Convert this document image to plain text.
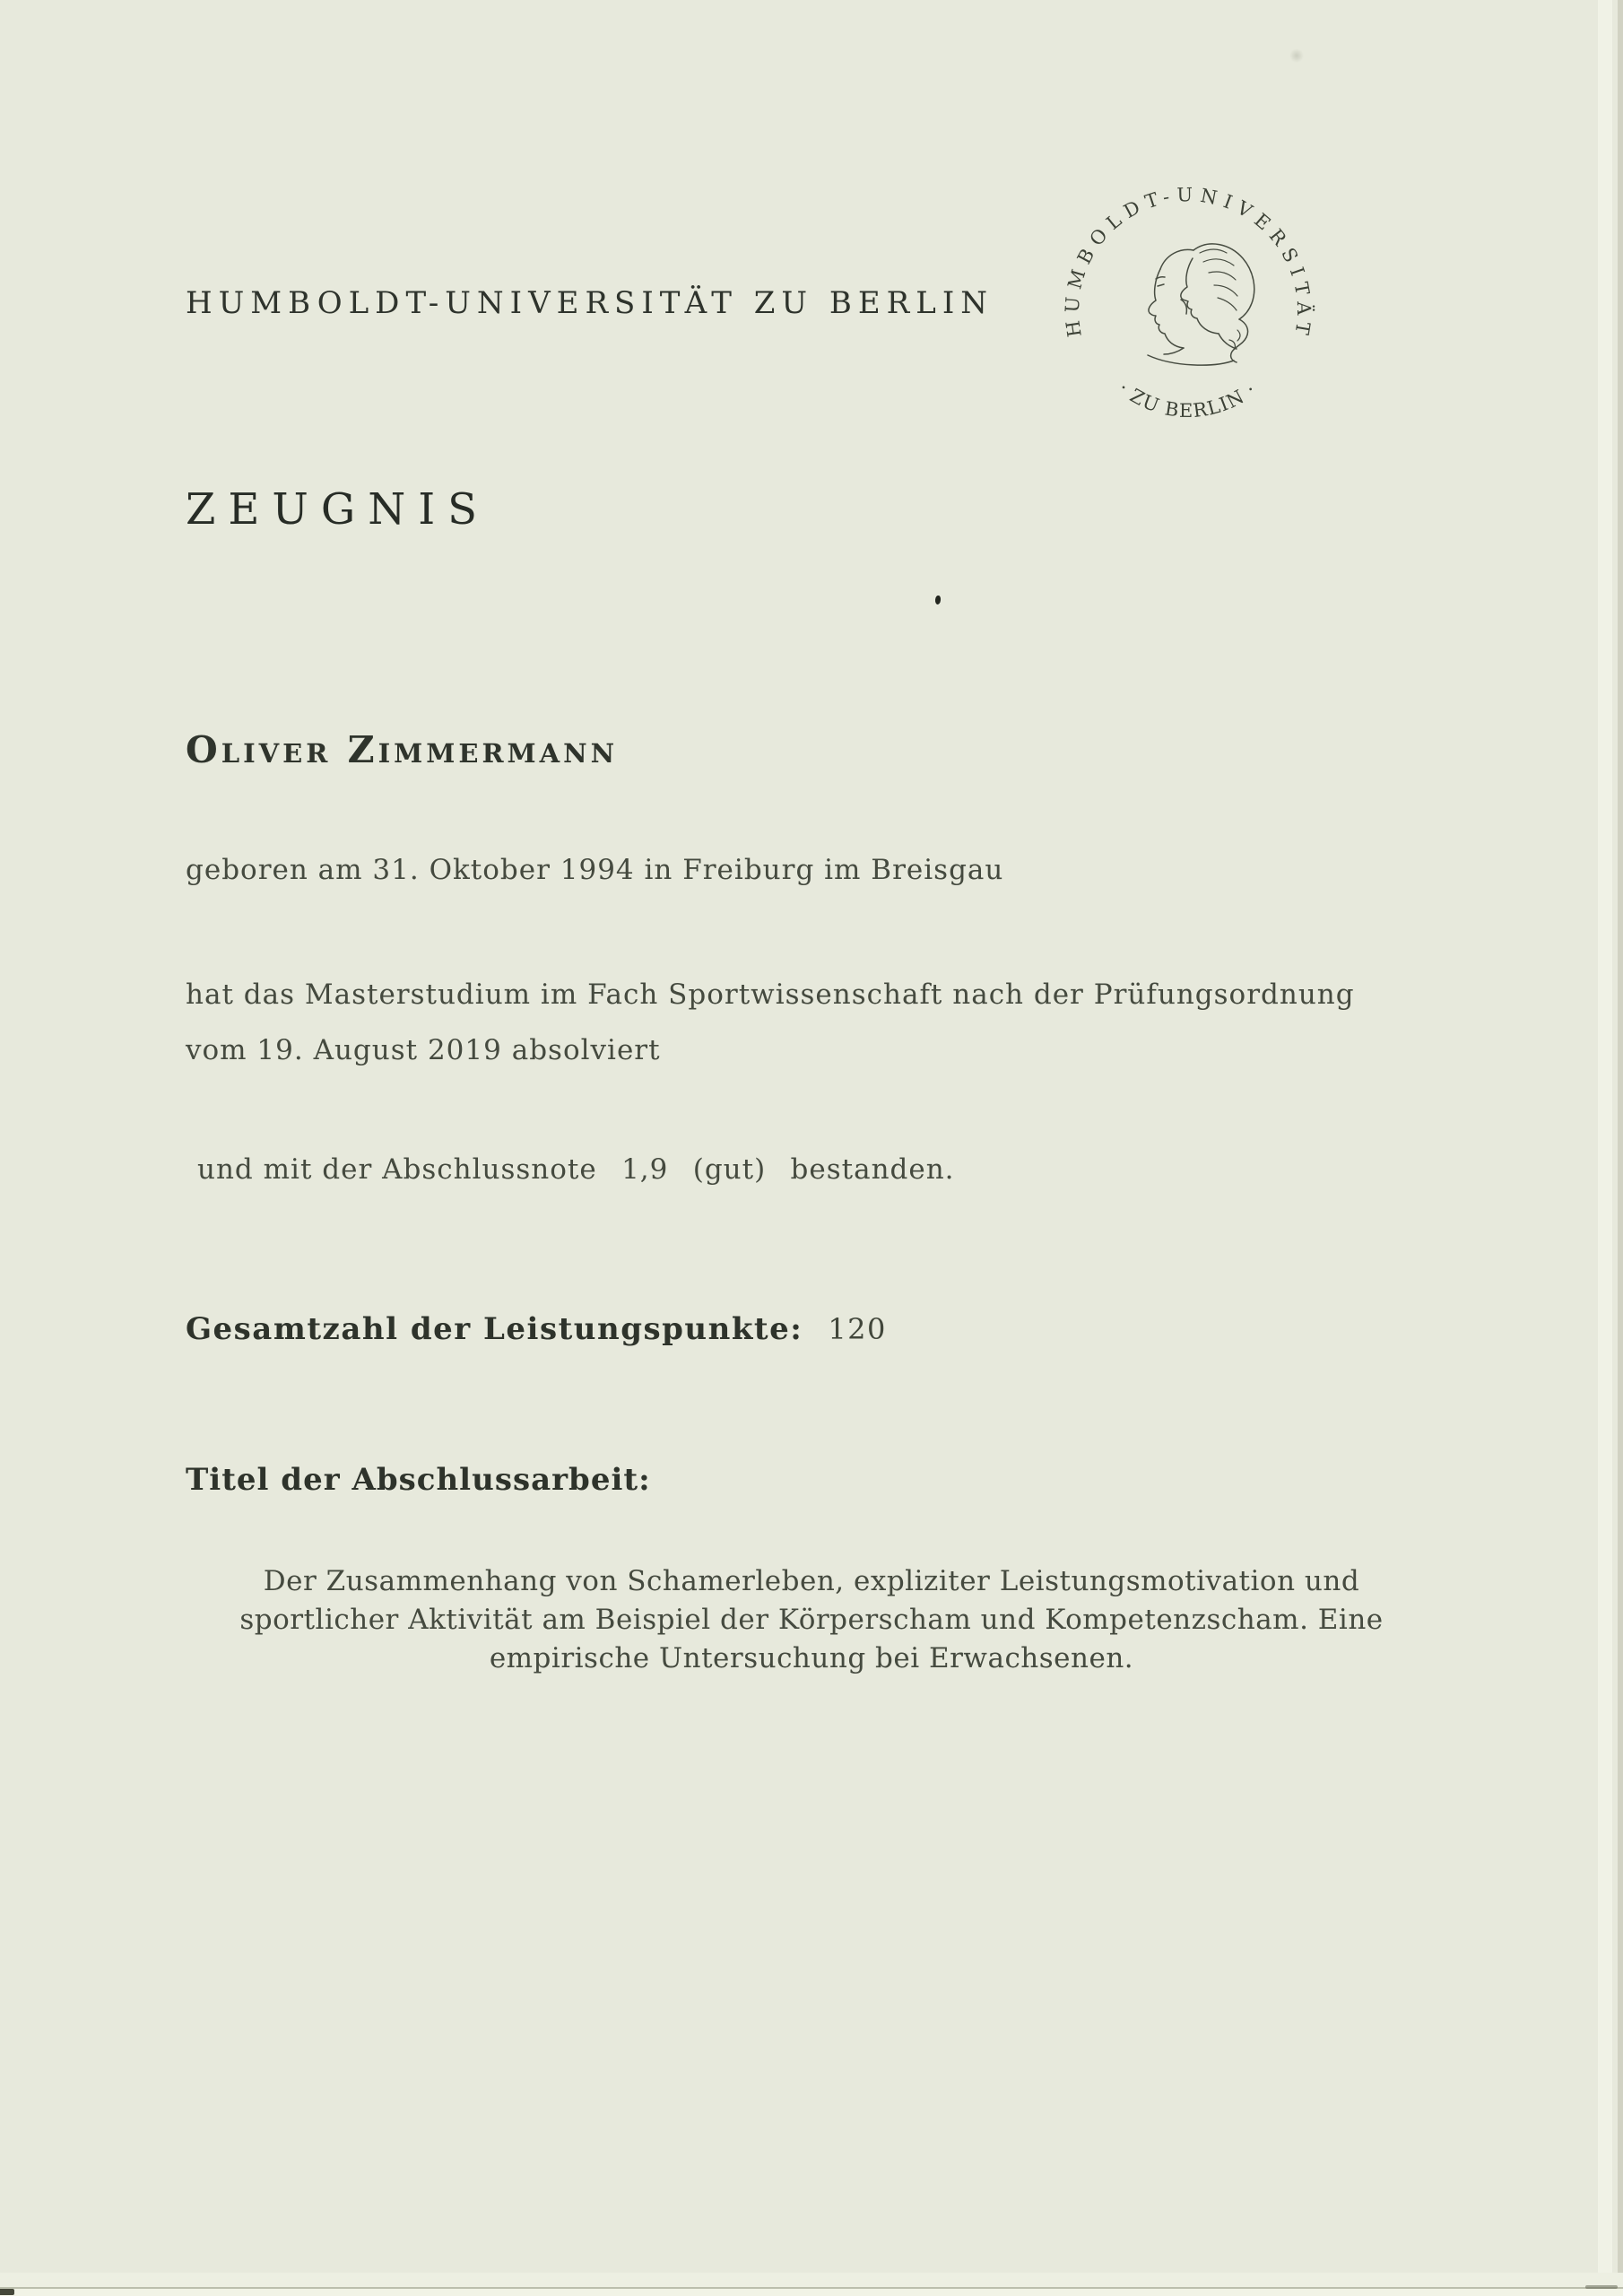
HUMBOLDT-UNIVERSITÄT ZU BERLIN
HUMBOLDT-UNIVERSITÄT
· ZU BERLIN ·
ZEUGNIS
Oliver Zimmermann
geboren am 31. Oktober 1994 in Freiburg im Breisgau
hat das Masterstudium im Fach Sportwissenschaft nach der Prüfungsordnung
vom 19. August 2019 absolviert
und mit der Abschlussnote  1,9  (gut)  bestanden.
Gesamtzahl der Leistungspunkte: 120
Titel der Abschlussarbeit:
Der Zusammenhang von Schamerleben, expliziter Leistungsmotivation und
sportlicher Aktivität am Beispiel der Körperscham und Kompetenzscham. Eine
empirische Untersuchung bei Erwachsenen.
